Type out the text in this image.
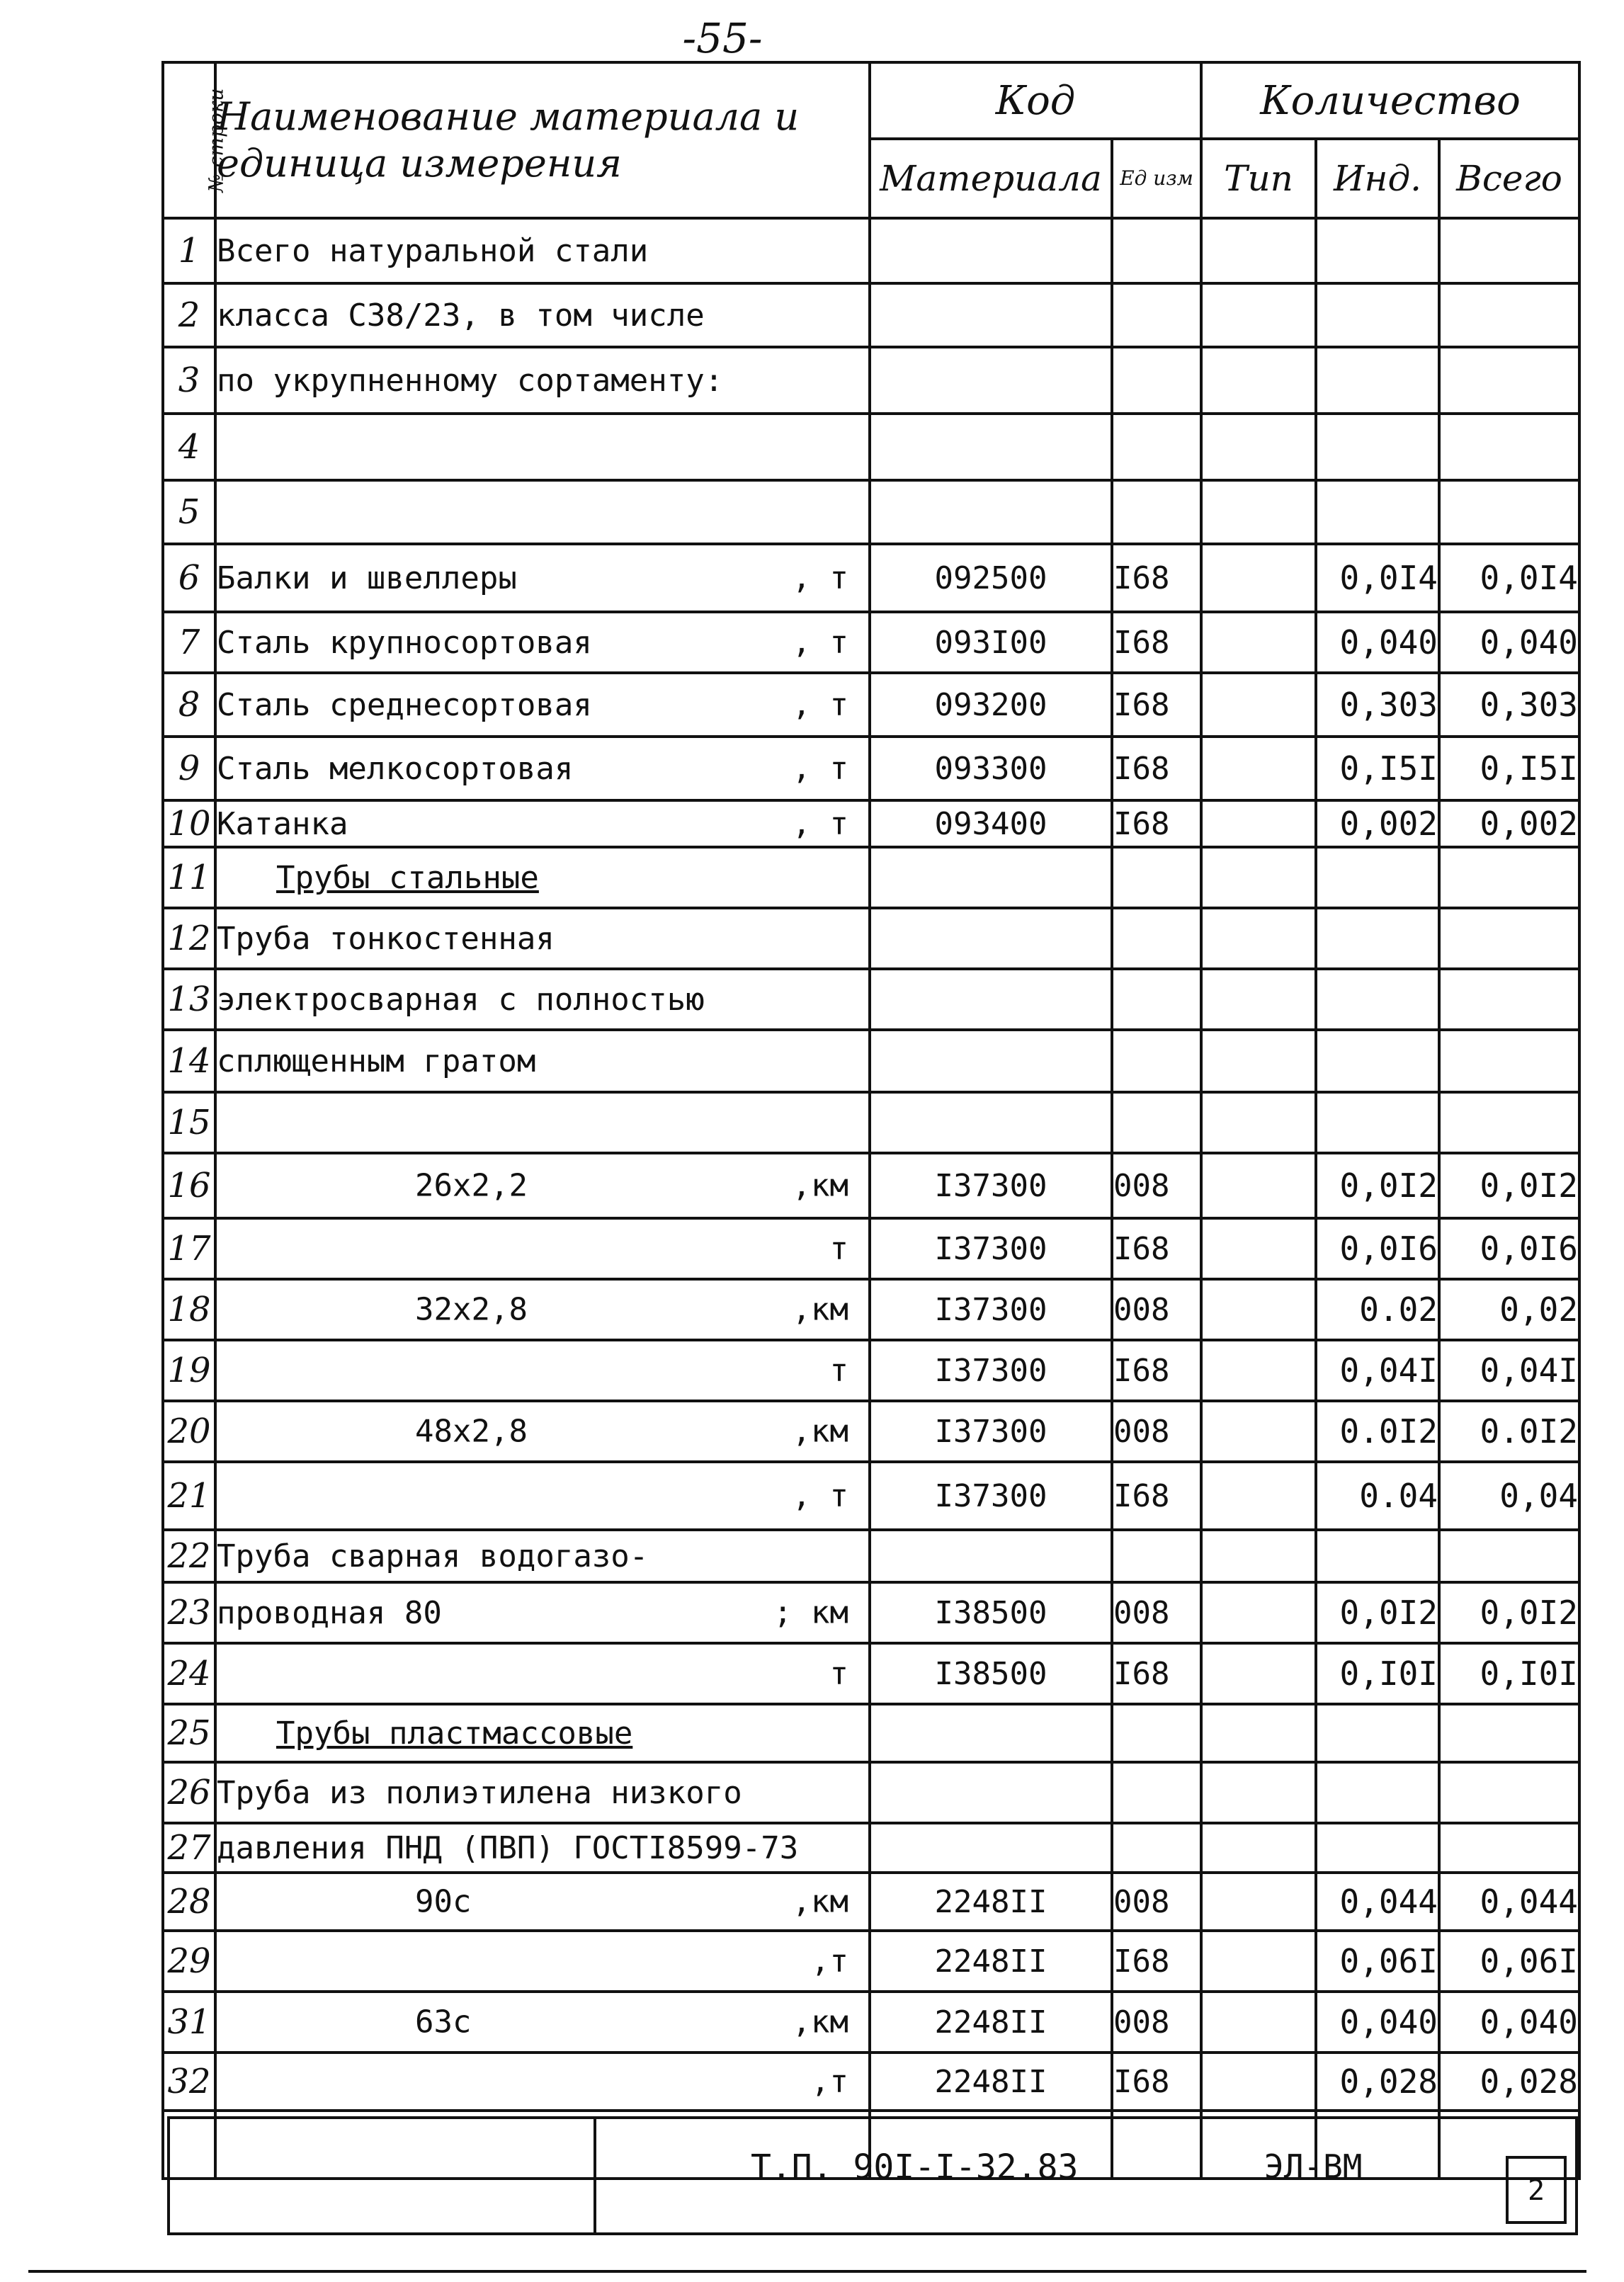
-55-
№ строки	Наименование материала и единица измерения	Код		Количество		
		Материала	Ед изм	Тип	Инд.	Всего
1	Всего натуральной стали

2	класса С38/23, в том числе

3	по укрупненному сортаменту:

4	

5	

6	Балки и швеллеры , т	092500	I68		0,0I4	0,0I4
7	Сталь крупносортовая , т	093I00	I68		0,040	0,040
8	Сталь среднесортовая , т	093200	I68		0,303	0,303
9	Сталь мелкосортовая , т	093300	I68		0,I5I	0,I5I
10	Катанка , т	093400	I68		0,002	0,002
11	Трубы стальные

12	Труба тонкостенная

13	электросварная с полностью

14	сплющенным гратом

15	

16	26x2,2 ,км	I37300	008		0,0I2	0,0I2
17	т	I37300	I68		0,0I6	0,0I6
18	32x2,8 ,км	I37300	008		0.02	0,02
19	т	I37300	I68		0,04I	0,04I
20	48x2,8 ,км	I37300	008		0.0I2	0.0I2
21	, т	I37300	I68		0.04	0,04
22	Труба сварная водогазо-

23	проводная 80 ; км	I38500	008		0,0I2	0,0I2
24	т	I38500	I68		0,I0I	0,I0I
25	Трубы пластмассовые

26	Труба из полиэтилена низкого

27	давления ПНД (ПВП) ГОСТI8599-73

28	90с ,км	2248II	008		0,044	0,044
29	,т	2248II	I68		0,06I	0,06I
31	63с ,км	2248II	008		0,040	0,040
32	,т	2248II	I68		0,028	0,028

Т.П. 90I-I-32.83	ЭЛ-ВМ
2
